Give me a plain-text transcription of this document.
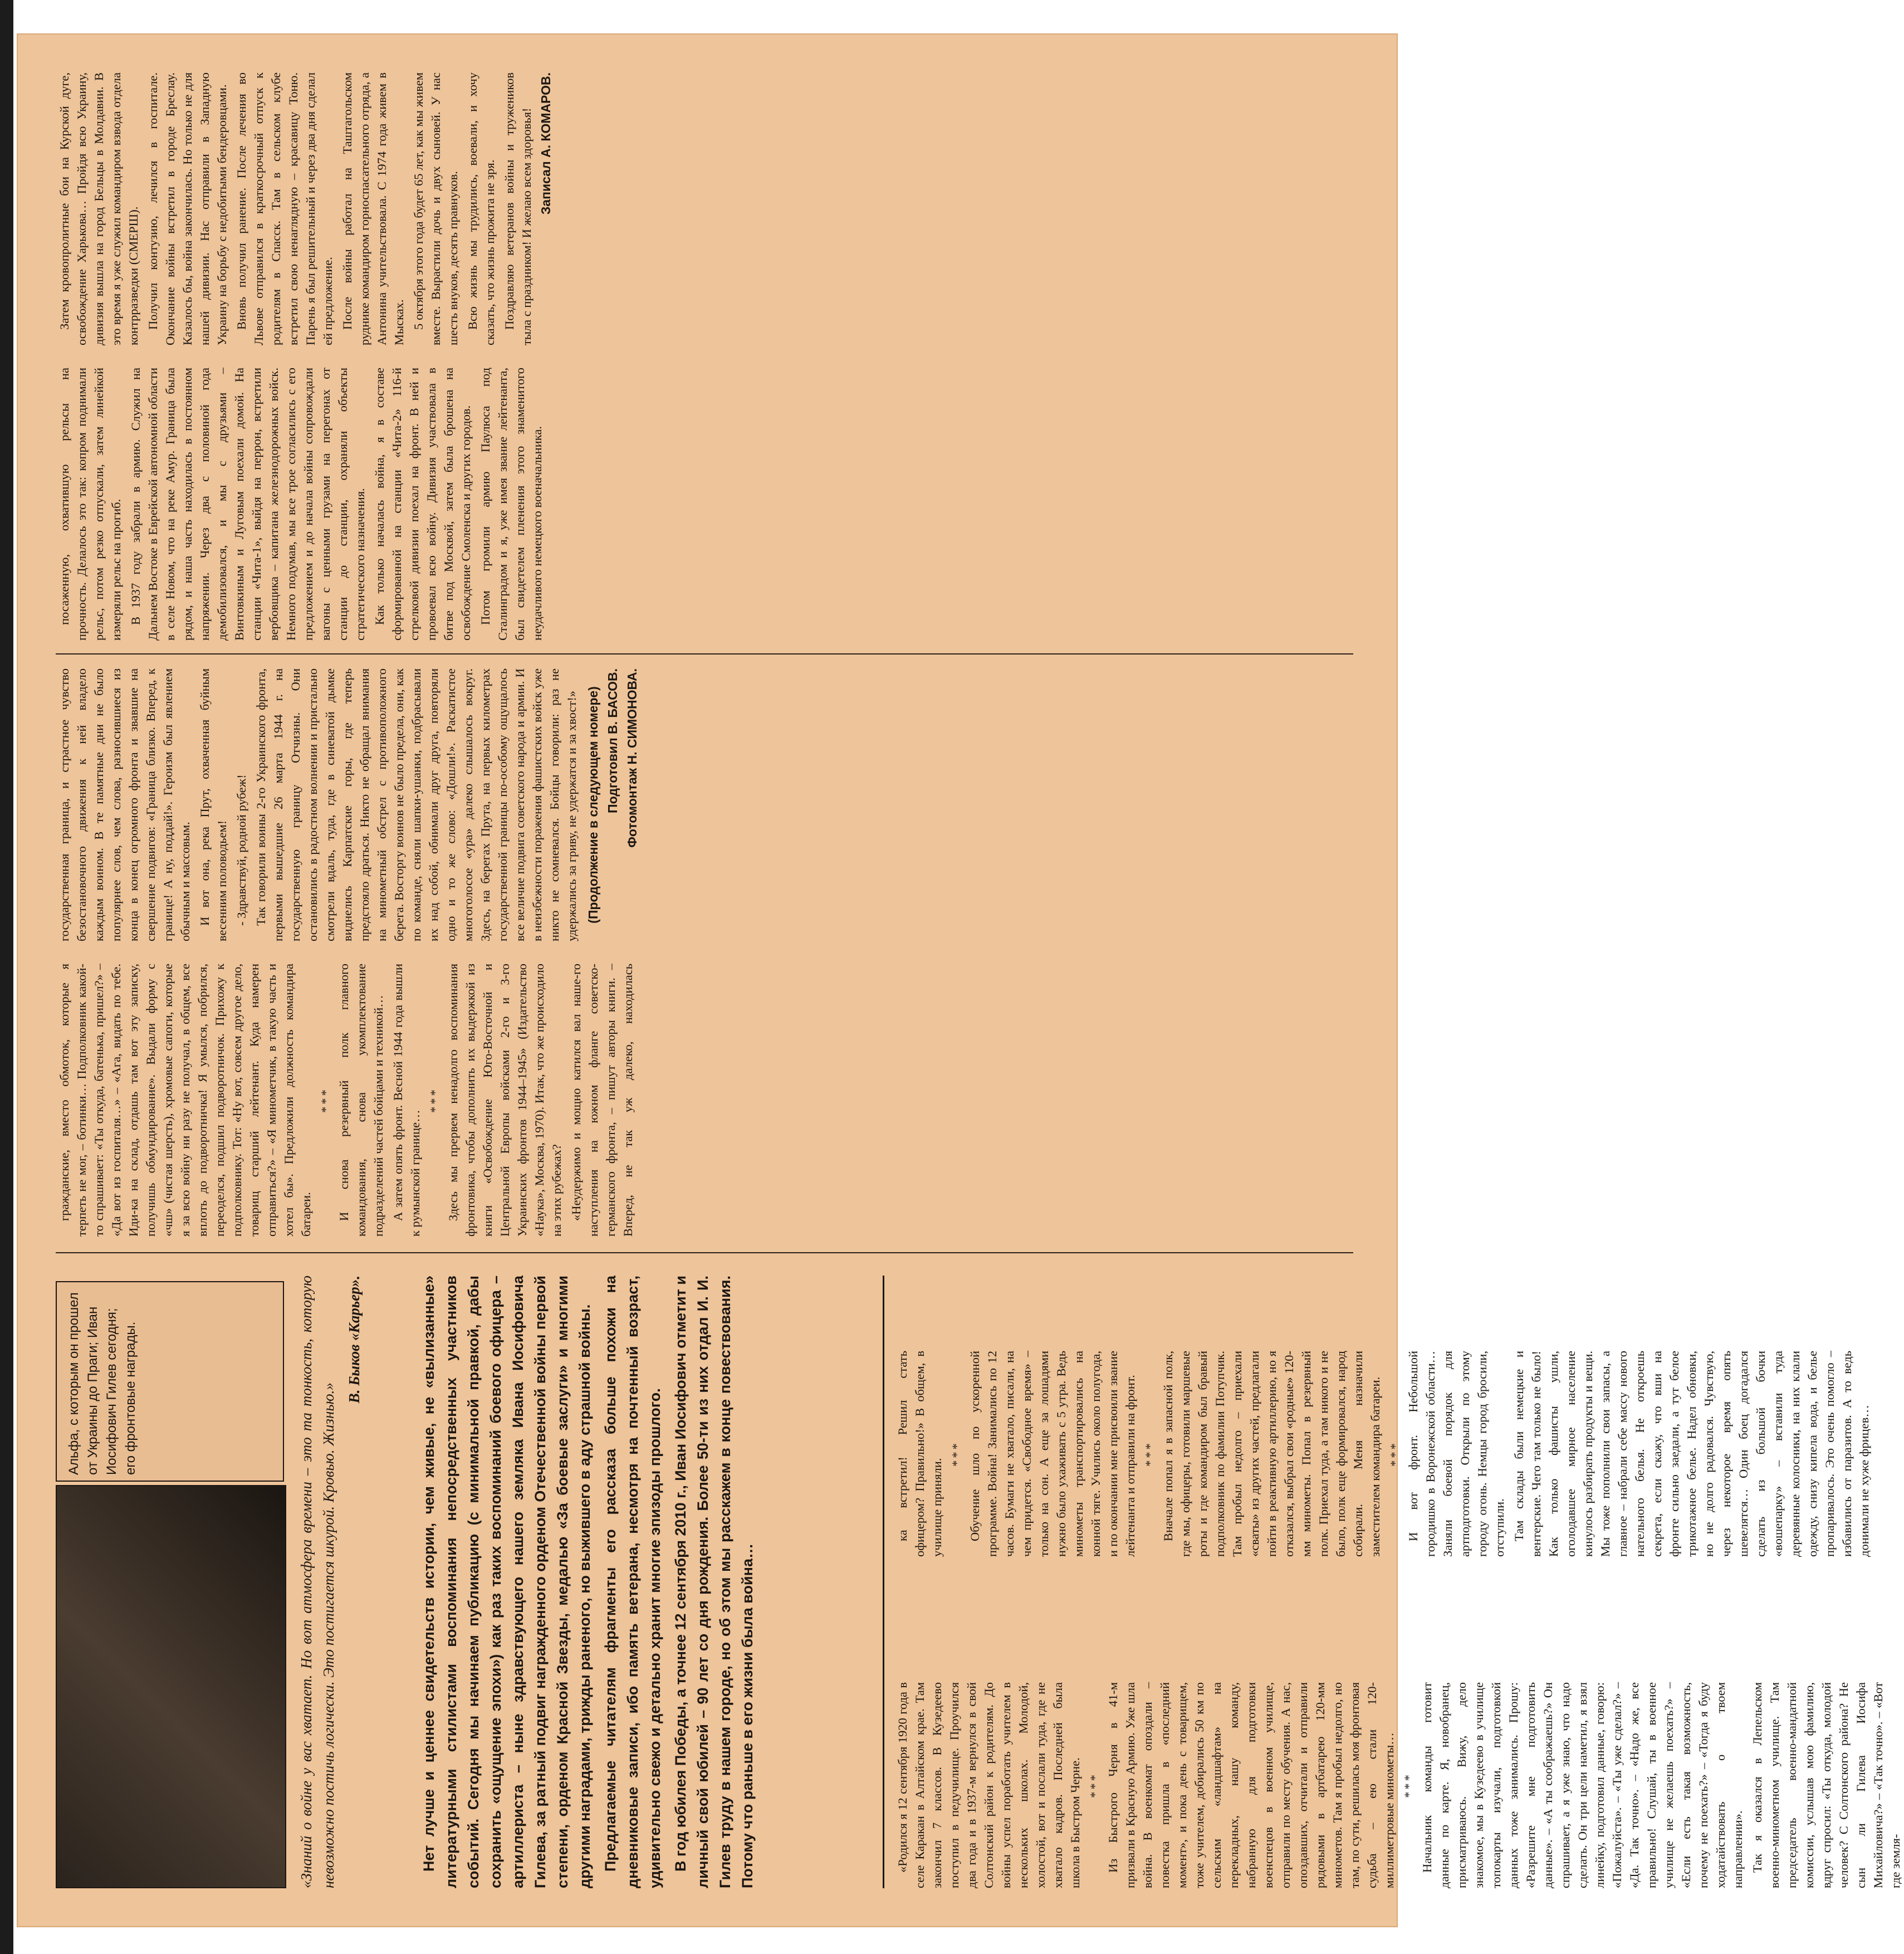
Альфа, с которым он прошел от Украины до Праги; Иван Иосифович Гилев сегодня; его фронтовые награды.	«Знаний о войне у вас хватает. Но вот атмосфера времени – это та тонкость, которую невозможно постичь логически. Это постигается шкурой. Кровью. Жизнью.»
В. Быков «Карьер».	Нет лучше и ценнее свидетельств истории, чем живые, не «вылизанные» литературными стилистами воспоминания непосредственных участников событий. Сегодня мы начинаем публикацию (с минимальной правкой, дабы сохранить «ощущение эпохи») как раз таких воспоминаний боевого офицера – артиллериста – ныне здравствующего нашего земляка Ивана Иосифовича Гилева, за ратный подвиг награжденного орденом Отечественной войны первой степени, орденом Красной Звезды, медалью «За боевые заслуги» и многими другими наградами, трижды раненого, но выжившего в аду страшной войны. Предлагаемые читателям фрагменты его рассказа больше похожи на дневниковые записи, ибо память ветерана, несмотря на почтенный возраст, удивительно свежо и детально хранит многие эпизоды прошлого. В год юбилея Победы, а точнее 12 сентября 2010 г., Иван Иосифович отметит и личный свой юбилей – 90 лет со дня рождения. Более 50-ти из них отдал И. И. Гилев труду в нашем городе, но об этом мы расскажем в конце повествования. Потому что раньше в его жизни была война…	«Родился я 12 сентября 1920 года в селе Каракан в Алтайском крае. Там закончил 7 классов. В Кузедеево поступил в педучилище. Проучился два года и в 1937-м вернулся в свой Солтонский район к родителям. До войны успел поработать учителем в нескольких школах. Молодой, холостой, вот и послали туда, где не хватало кадров. Последней была школа в Быстром Черне. *** Из Быстрого Черня в 41-м призвали в Красную Армию. Уже шла война. В военкомат опоздали – повестка пришла в «последний момент», и пока день с товарищем, тоже учителем, добирались 50 км по сельским «ландшафтам» на перекладных, нашу команду, набранную для подготовки военспецов в военном училище, отправили по месту обучения. А нас, опоздавших, отчитали и отправили рядовыми в артбатарею 120-мм минометов. Там я пробыл недолго, но там, по сути, решилась моя фронтовая судьба – ею стали 120-миллиметровые минометы… *** Начальник команды готовит данные по карте. Я, новобранец, присматриваюсь. Вижу, дело знакомое, мы в Кузедеево в училище топокарты изучали, подготовкой данных тоже занимались. Прошу: «Разрешите мне подготовить данные». – «А ты соображаешь?» Он спрашивает, а я уже знаю, что надо сделать. Он три цели наметил, я взял линейку, подготовил данные, говорю: «Пожалуйста». – «Ты уже сделал?» – «Да. Так точно». – «Надо же, все правильно! Слушай, ты в военное училище не желаешь поехать?» – «Если есть такая возможность, почему не поехать?» – «Тогда я буду ходатайствовать о твоем направлении». Так я оказался в Лепельском военно-минометном училище. Там председатель военно-мандатной комиссии, услышав мою фамилию, вдруг спросил: «Ты откуда, молодой человек? С Солтонского района? Не сын ли Гилева Иосифа Михайловича?» – «Так точно». – «Вот где земля-

ка встретил! Решил стать офицером? Правильно!» В общем, в училище приняли.

*** Обучение шло по ускоренной программе. Война! Занимались по 12 часов. Бумаги не хватало, писали, на чем придется. «Свободное время» – только на сон. А еще за лошадями нужно было ухаживать с 5 утра. Ведь минометы транспортировались на конной тяге. Учились около полугода, и по окончании мне присвоили звание лейтенанта и отправили на фронт. *** Вначале попал я в запасной полк, где мы, офицеры, готовили маршевые роты и где командиром был бравый подполковник по фамилии Потупчик. Там пробыл недолго – приехали «сваты» из других частей, предлагали пойти в реактивную артиллерию, но я отказался, выбрал свои «родные» 120-мм минометы. Попал в резервный полк. Приехал туда, а там никого и не было, полк еще формировался, народ собирали. Меня назначили заместителем командира батареи. *** И вот фронт. Небольшой городишко в Воронежской области… Заняли боевой порядок для артподготовки. Открыли по этому городу огонь. Немцы город бросили, отступили. Там склады были немецкие и вентерские. Чего там только не было! Как только фашисты ушли, оголодавшее мирное население кинулось разбирать продукты и вещи. Мы тоже пополнили свои запасы, а главное – набрали себе массу нового нательного белья. Не откроешь секрета, если скажу, что вши на фронте сильно заедали, а тут белое трикотажное белье. Надел обновки, но не долго радовался. Чувствую, через некоторое время опять шевелятся… Один боец догадался сделать из большой бочки «вошепарку» – вставили туда деревянные колосники, на них клали одежду, снизу кипела вода, и белье пропаривалось. Это очень помогло – избавились от паразитов. А то ведь донимали не хуже фрицев…

гражданские, вместо обмоток, которые я терпеть не мог, – ботинки… Подполковник какой-то спрашивает: «Ты откуда, батенька, пришел?» – «Да вот из госпиталя…» – «Ага, видать по тебе. Иди-ка на склад, отдашь там вот эту записку, получишь обмундирование». Выдали форму с «чш» (чистая шерсть), хромовые сапоги, которые я за всю войну ни разу не получал, в общем, все вплоть до подворотничка! Я умылся, побрился, переоделся, подшил подворотничок. Прихожу к подполковнику. Тот: «Ну вот, совсем другое дело, товарищ старший лейтенант. Куда намерен отправиться?» – «Я минометчик, в такую часть и хотел бы». Предложили должность командира батареи.

*** И снова резервный полк главного командования, снова укомплектование подразделений частей бойцами и техникой… А затем опять фронт. Весной 1944 года вышли к румынской границе…

*** Здесь мы прервем ненадолго воспоминания фронтовика, чтобы дополнить их выдержкой из книги «Освобождение Юго-Восточной и Центральной Европы войсками 2-го и 3-го Украинских фронтов 1944–1945» (Издательство «Наука», Москва, 1970). Итак, что же происходило на этих рубежах? «Неудержимо и мощно катился вал наше-го наступления на южном фланге советско-германского фронта, – пишут авторы книги. – Вперед, не так уж далеко, находилась государственная граница, и страстное чувство безостановочного движения к ней владело каждым воином. В те памятные дни не было популярнее слов, чем слова, разносившиеся из конца в конец огромного фронта и звавшие на свершение подвигов: «Граница близко. Вперед, к границе! А ну, поддай!». Героизм был явлением обычным и массовым. И вот она, река Прут, охваченная буйным весенним половодьем! - Здравствуй, родной рубеж! Так говорили воины 2-го Украинского фронта, первыми вышедшие 26 марта 1944 г. на государственную границу Отчизны. Они остановились в радостном волнении и пристально смотрели вдаль, туда, где в синеватой дымке виднелись Карпатские горы, где теперь предстояло драться. Никто не обращал внимания на минометный обстрел с противоположного берега. Восторгу воинов не было предела, они, как по команде, сняли шапки-ушанки, подбрасывали их над собой, обнимали друг друга, повторяли одно и то же слово: «Дошли!». Раскатистое многоголосое «ура» далеко слышалось вокруг. Здесь, на берегах Прута, на первых километрах государственной границы по-особому ощущалось все величие подвига советского народа и армии. И в неизбежности поражения фашистских войск уже никто не сомневался. Бойцы говорили: раз не удержались за гриву, не удержатся и за хвост!» (Продолжение в следующем номере) Подготовил В. БАСОВ. Фотомонтаж Н. СИМОНОВА.

посаженную, охватившую рельсы на прочность. Делалось это так: копром поднимали рельс, потом резко отпускали, затем линейкой измеряли рельс на прогиб. В 1937 году забрали в армию. Служил на Дальнем Востоке в Еврейской автономной области в селе Новом, что на реке Амур. Граница была рядом, и наша часть находилась в постоянном напряжении. Через два с половиной года демобилизовался, и мы с друзьями – Винтовкиным и Луговым поехали домой. На станции «Чита-1», выйдя на перрон, встретили вербовщика – капитана железнодорожных войск. Немного подумав, мы все трое согласились с его предложением и до начала войны сопровождали вагоны с ценными грузами на перегонах от станции до станции, охраняли объекты стратегического назначения. Как только началась война, я в составе сформированной на станции «Чита-2» 116-й стрелковой дивизии поехал на фронт. В ней и провоевал всю войну. Дивизия участвовала в битве под Москвой, затем была брошена на освобождение Смоленска и других городов. Потом громили армию Паулюса под Сталинградом и я, уже имея звание лейтенанта, был свидетелем пленения этого знаменитого неудачливого немецкого военачальника.

Затем кровопролитные бои на Курской дуге, освобождение Харькова… Пройдя всю Украину, дивизия вышла на город Бельцы в Молдавии. В это время я уже служил командиром взвода отдела контрразведки (СМЕРШ). Получил контузию, лечился в госпитале. Окончание войны встретил в городе Бреслау. Казалось бы, война закончилась. Но только не для нашей дивизии. Нас отправили в Западную Украину на борьбу с недобитыми бендеровцами. Вновь получил ранение. После лечения во Львове отправился в краткосрочный отпуск к родителям в Спасск. Там в сельском клубе встретил свою ненаглядную – красавицу Тоню. Парень я был решительный и через два дня сделал ей предложение. После войны работал на Таштагольском руднике командиром горноспасательного отряда, а Антонина учительствовала. С 1974 года живем в Мысках. 5 октября этого года будет 65 лет, как мы живем вместе. Вырастили дочь и двух сыновей. У нас шесть внуков, десять правнуков. Всю жизнь мы трудились, воевали, и хочу сказать, что жизнь прожита не зря. Поздравляю ветеранов войны и тружеников тыла с праздником! И желаю всем здоровья! Записал А. КОМАРОВ.
